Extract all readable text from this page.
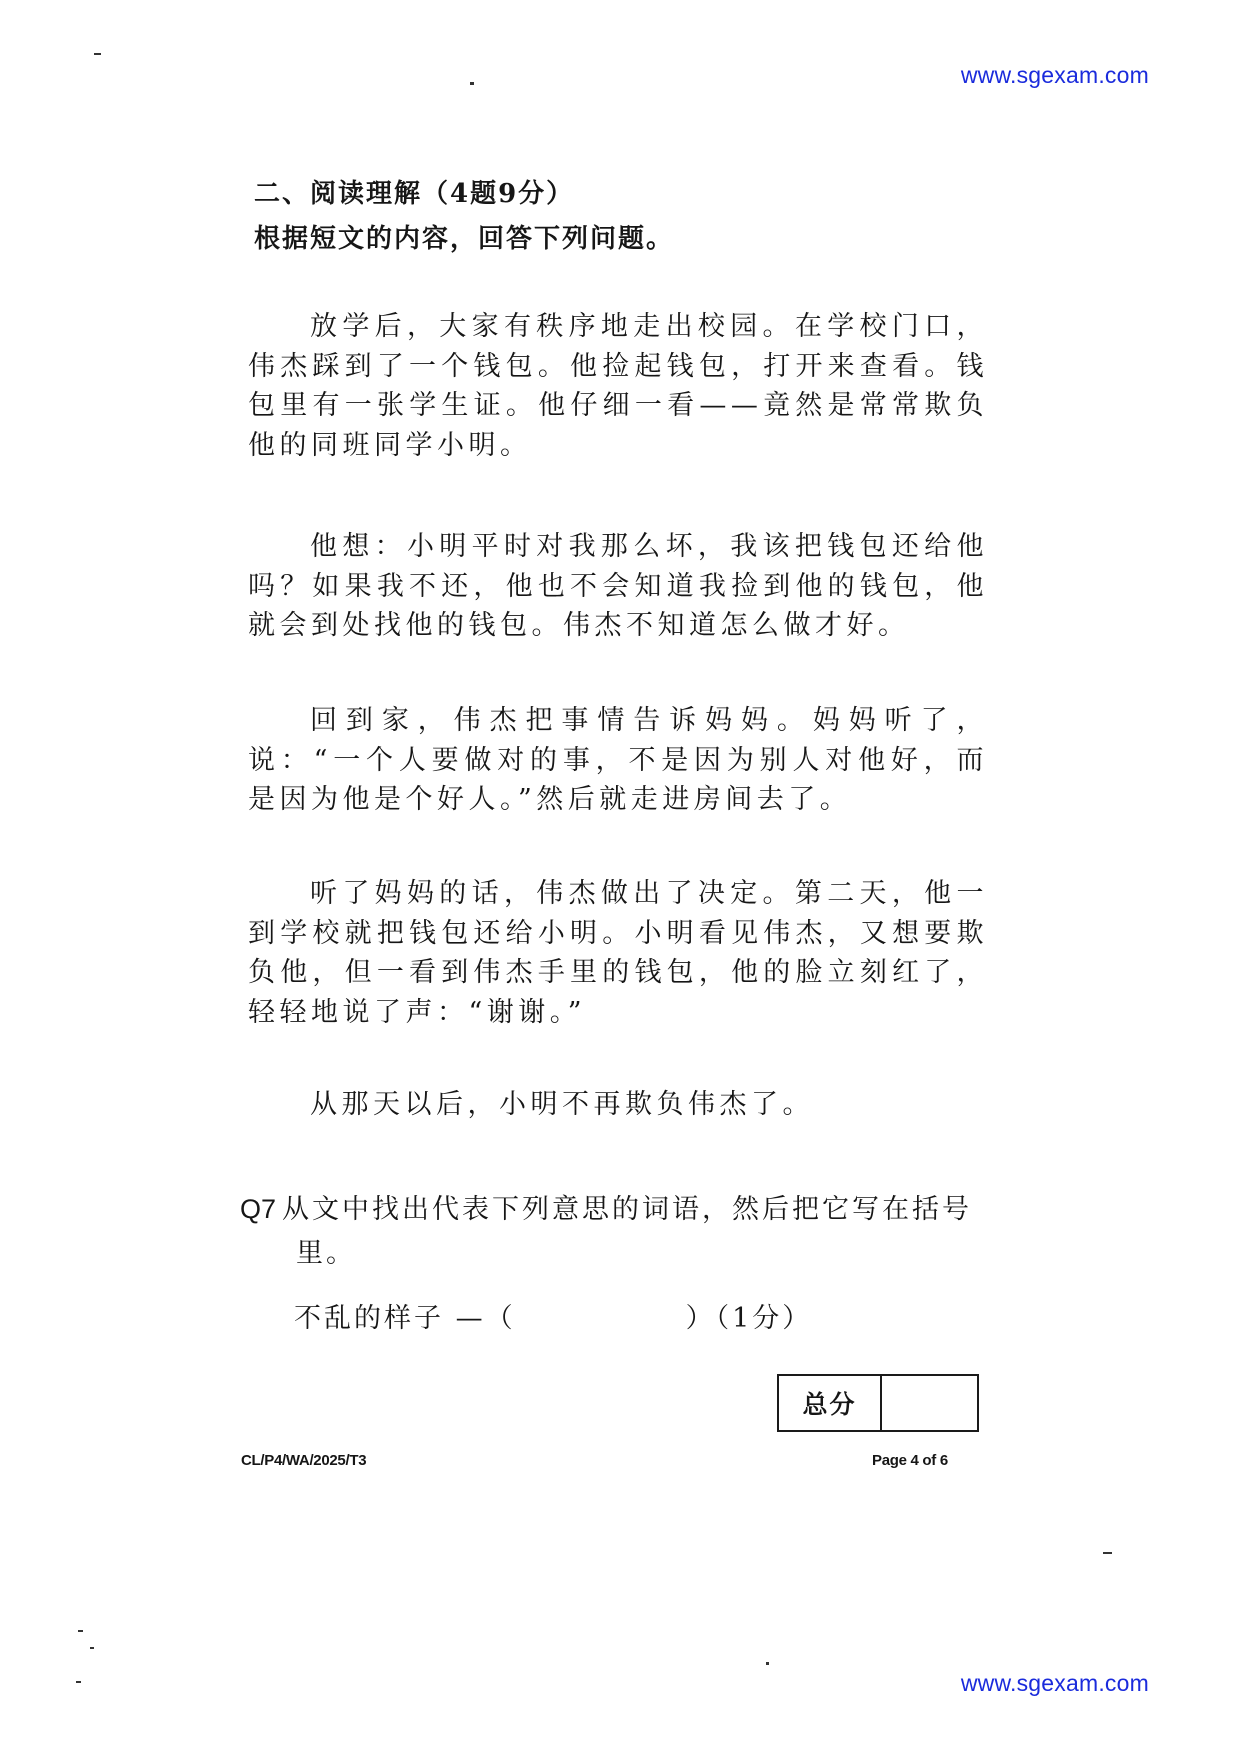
www.sgexam.com
二、阅读理解（4题9分）
根据短文的内容，回答下列问题。

放学后，大家有秩序地走出校园。在学校门口，伟杰踩到了一个钱包。他捡起钱包，打开来查看。钱包里有一张学生证。他仔细一看——竟然是常常欺负他的同班同学小明。

他想：小明平时对我那么坏，我该把钱包还给他吗？如果我不还，他也不会知道我捡到他的钱包，他就会到处找他的钱包。伟杰不知道怎么做才好。

回到家，伟杰把事情告诉妈妈。妈妈听了，说：“一个人要做对的事，不是因为别人对他好，而是因为他是个好人。”然后就走进房间去了。

听了妈妈的话，伟杰做出了决定。第二天，他一到学校就把钱包还给小明。小明看见伟杰，又想要欺负他，但一看到伟杰手里的钱包，他的脸立刻红了，轻轻地说了声：“谢谢。”

从那天以后，小明不再欺负伟杰了。

Q7 从文中找出代表下列意思的词语，然后把它写在括号
里。
不乱的样子 —（	）（1分）
总分
CL/P4/WA/2025/T3	Page 4 of 6
www.sgexam.com
